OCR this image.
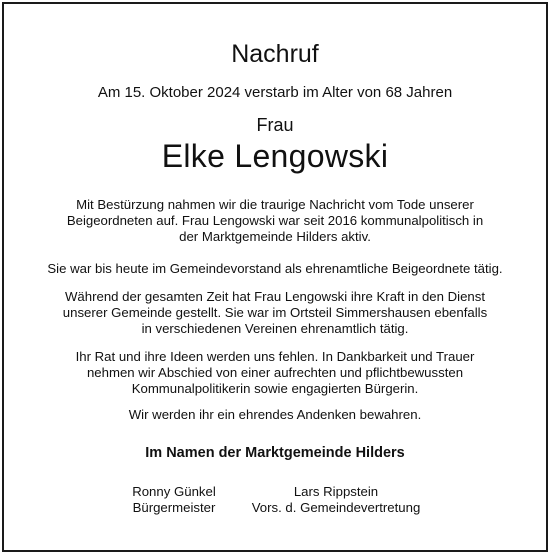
Nachruf
Am 15. Oktober 2024 verstarb im Alter von 68 Jahren
Frau
Elke Lengowski
Mit Bestürzung nahmen wir die traurige Nachricht vom Tode unserer
Beigeordneten auf. Frau Lengowski war seit 2016 kommunalpolitisch in
der Marktgemeinde Hilders aktiv.
Sie war bis heute im Gemeindevorstand als ehrenamtliche Beigeordnete tätig.
Während der gesamten Zeit hat Frau Lengowski ihre Kraft in den Dienst
unserer Gemeinde gestellt. Sie war im Ortsteil Simmershausen ebenfalls
in verschiedenen Vereinen ehrenamtlich tätig.
Ihr Rat und ihre Ideen werden uns fehlen. In Dankbarkeit und Trauer
nehmen wir Abschied von einer aufrechten und pflichtbewussten
Kommunalpolitikerin sowie engagierten Bürgerin.
Wir werden ihr ein ehrendes Andenken bewahren.
Im Namen der Marktgemeinde Hilders
Ronny Günkel
Bürgermeister
Lars Rippstein
Vors. d. Gemeindevertretung
